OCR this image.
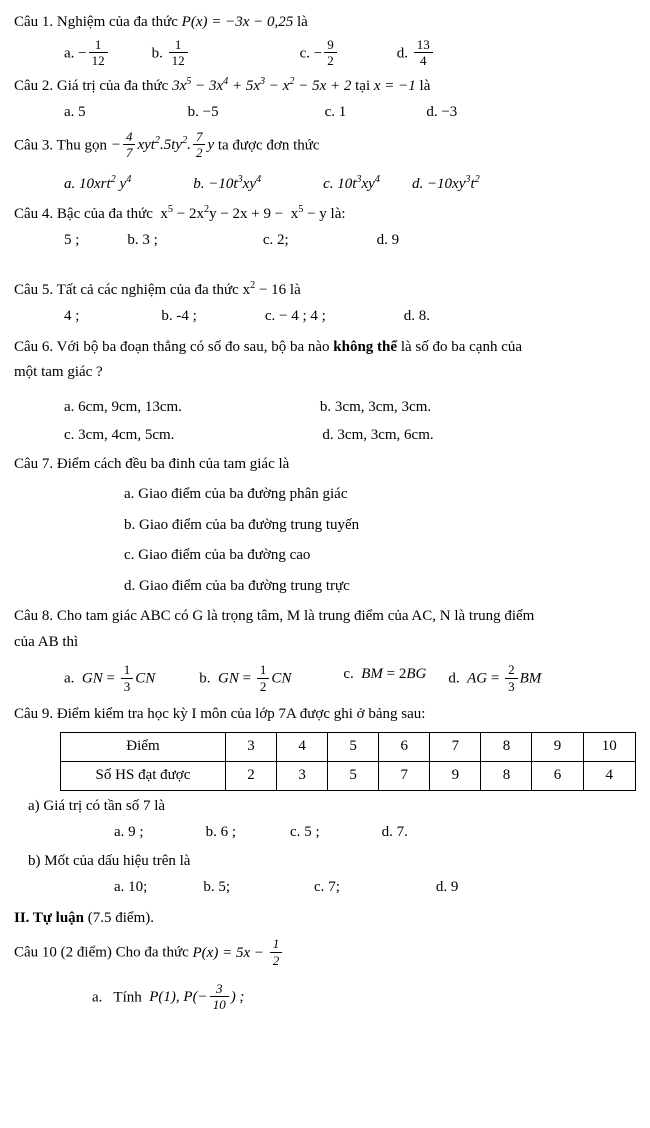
Câu 1. Nghiệm của đa thức P(x) = −3x − 0,25 là
a. − $\frac{1}{12}$	b. $\frac{1}{12}$	c. − $\frac{9}{2}$	d. $\frac{13}{4}$
Câu 2. Giá trị của đa thức $3x^5 - 3x^4 + 5x^3 - x^2 - 5x + 2$ tại x = −1 là
a. 5	b. −5	c. 1	d. −3
Câu 3. Thu gọn − $\frac{4}{7} xyt^2.5ty^2$. $\frac{7}{2}$ y ta được đơn thức
a. 10xrt$^2$ $y^4$	b. $-10t^3xy^4$	c. $10t^3xy^4$	d. $-10xy^3t^2$
Câu 4. Bậc của đa thức  $x^5 - 2x^2y - 2x + 9 - x^5 - y$ là:
5 ;	b. 3 ;	c. 2;	d. 9
Câu 5. Tất cả các nghiệm của đa thức $x^2 - 16$ là
4 ;	b. -4 ;	c. − 4 ; 4 ;	d. 8.
Câu 6. Với bộ ba đoạn thẳng có số đo sau, bộ ba nào không thể là số đo ba cạnh của
một tam giác ?
a. 6cm, 9cm, 13cm.	b. 3cm, 3cm, 3cm.
c. 3cm, 4cm, 5cm.	d. 3cm, 3cm, 6cm.
Câu 7. Điểm cách đều ba đinh của tam giác là
a. Giao điểm của ba đường phân giác
b. Giao điểm của ba đường trung tuyến
c. Giao điểm của ba đường cao
d. Giao điểm của ba đường trung trực
Câu 8. Cho tam giác ABC có G là trọng tâm, M là trung điểm của AC, N là trung điểm
của AB thì
a.  GN = $\frac{1}{3}$ CN	b.  GN = $\frac{1}{2}$ CN	c.  BM = 2BG	d.  AG = $\frac{2}{3}$ BM
Câu 9. Điểm kiểm tra học kỳ I môn của lớp 7A được ghi ở bảng sau:
Điểm	3	4	5	6	7	8	9	10
Số HS đạt được	2	3	5	7	9	8	6	4
a) Giá trị có tần số 7 là
a. 9 ;	b. 6 ;	c. 5 ;	d. 7.
b) Mốt của dấu hiệu trên là
a. 10;	b. 5;	c. 7;	d. 9
II. Tự luận (7.5 điểm).
Câu 10 (2 điểm) Cho đa thức $P(x) = 5x - \frac{1}{2}$
a. Tính P(1), $P(- \frac{3}{10}$ ) ;
